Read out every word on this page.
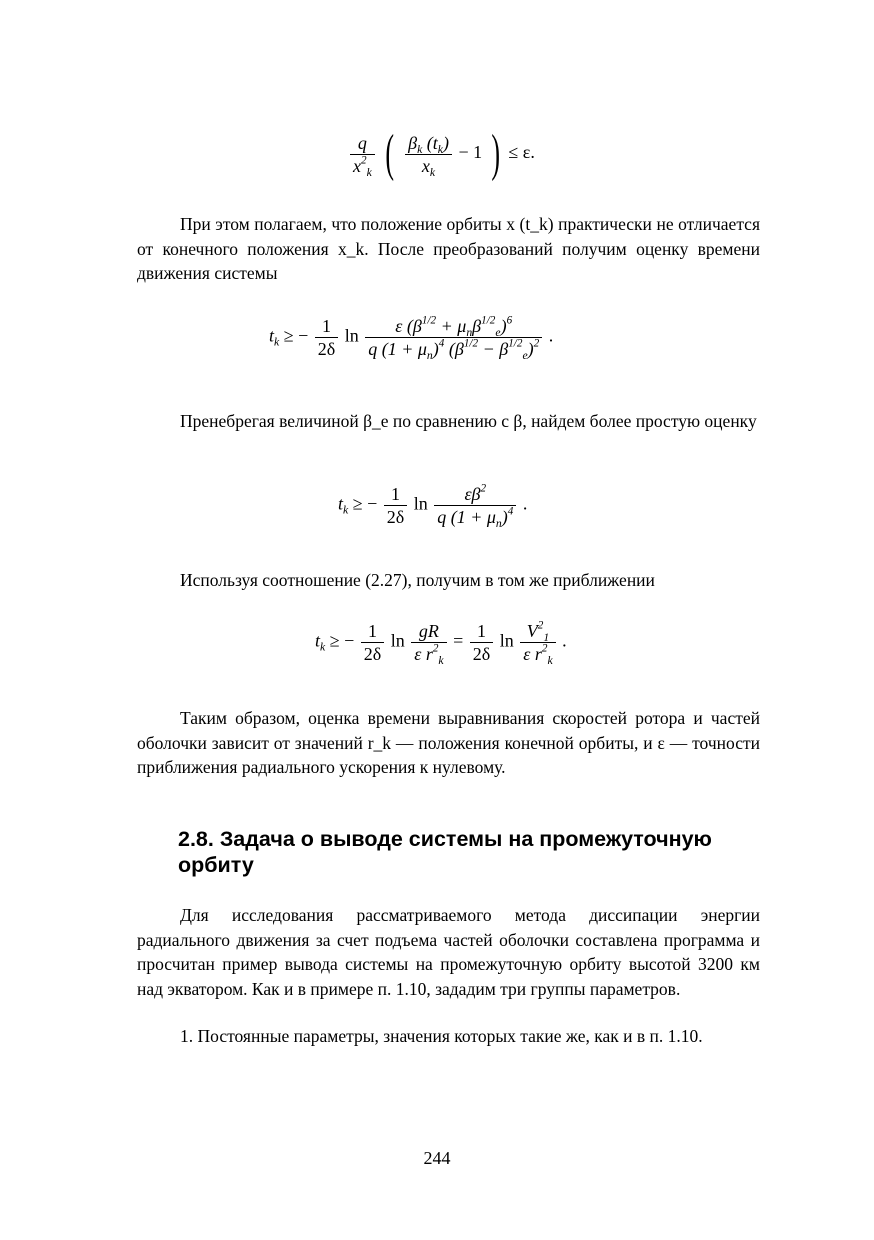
$\frac{q}{x^2_k}$ ( $\frac{\beta_k (t_k)}{x_k} - 1$ ) ≤ ε.

При этом полагаем, что положение орбиты x (t_k) практически не отличается от конечного положения x_k. После преобразований получим оценку времени движения системы

$t_k$ ≥ − $\frac{1}{2\delta}$ $\ln \frac{\varepsilon (\beta^{1/2} + \mu_n\beta^{1/2}_e)^6}{q (1 + \mu_n)^4 (\beta^{1/2} - \beta^{1/2}_e)^2}$ .

Пренебрегая величиной β_e по сравнению с β, найдем более простую оценку

$t_k$ ≥ − $\frac{1}{2\delta}$ $\ln \frac{\varepsilon\beta^2}{q (1 + \mu_n)^4}$ .

Используя соотношение (2.27), получим в том же приближении

$t_k$ ≥ − $\frac{1}{2\delta}$ $\ln \frac{gR}{\varepsilon r^2_k} = \frac{1}{2\delta}$ $\ln \frac{V^2_1}{\varepsilon r^2_k}$ .

Таким образом, оценка времени выравнивания скоростей ротора и частей оболочки зависит от значений r_k — положения конечной орбиты, и ε — точности приближения радиального ускорения к нулевому.

2.8. Задача о выводе системы на промежуточную орбиту

Для исследования рассматриваемого метода диссипации энергии радиального движения за счет подъема частей оболочки составлена программа и просчитан пример вывода системы на промежуточную орбиту высотой 3200 км над экватором. Как и в примере п. 1.10, зададим три группы параметров.

1. Постоянные параметры, значения которых такие же, как и в п. 1.10.

244
